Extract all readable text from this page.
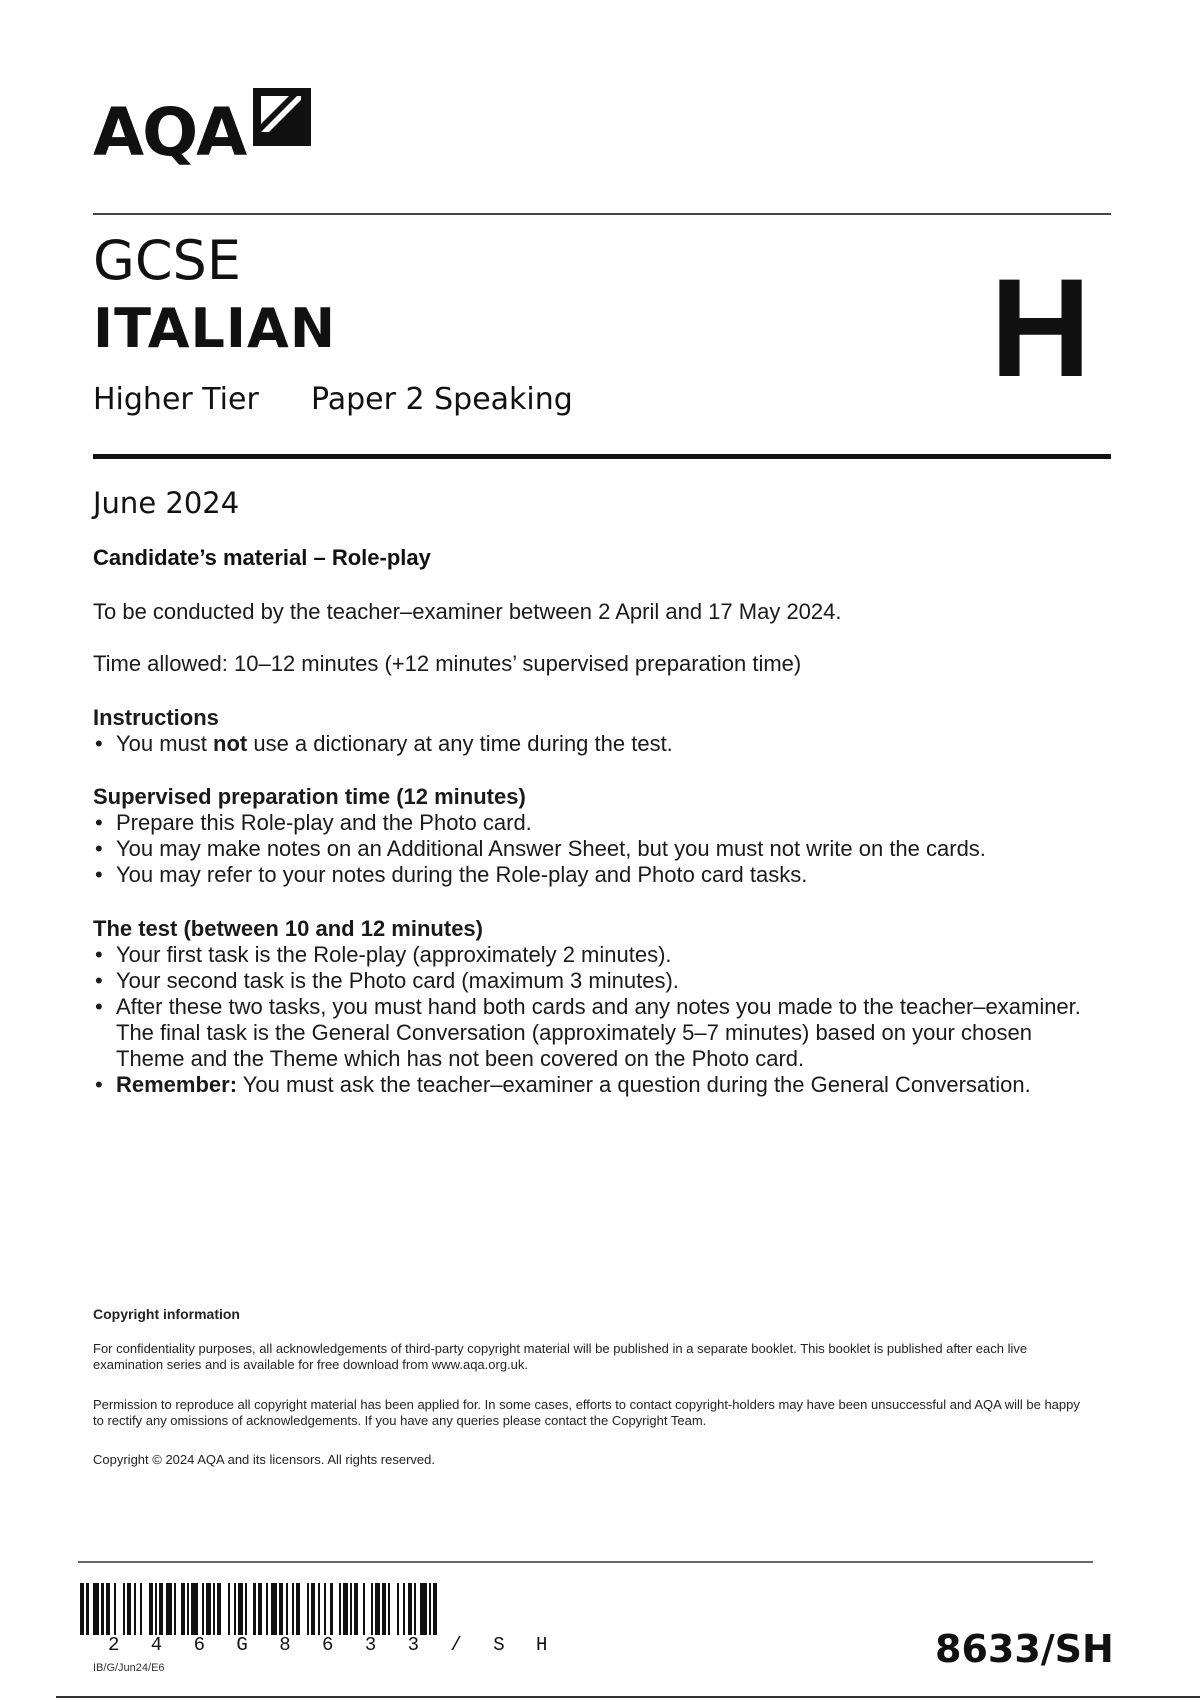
AQA
GCSE
ITALIAN
Higher Tier Paper 2 Speaking	H
June 2024
Candidate’s material – Role-play
To be conducted by the teacher–examiner between 2 April and 17 May 2024.
Time allowed: 10–12 minutes (+12 minutes’ supervised preparation time)
Instructions
• You must not use a dictionary at any time during the test.
Supervised preparation time (12 minutes)
• Prepare this Role-play and the Photo card.
• You may make notes on an Additional Answer Sheet, but you must not write on the cards.
• You may refer to your notes during the Role-play and Photo card tasks.
The test (between 10 and 12 minutes)
• Your first task is the Role-play (approximately 2 minutes).
• Your second task is the Photo card (maximum 3 minutes).
• After these two tasks, you must hand both cards and any notes you made to the teacher–examiner. The final task is the General Conversation (approximately 5–7 minutes) based on your chosen Theme and the Theme which has not been covered on the Photo card.
• Remember: You must ask the teacher–examiner a question during the General Conversation.
Copyright information
For confidentiality purposes, all acknowledgements of third-party copyright material will be published in a separate booklet. This booklet is published after each live examination series and is available for free download from www.aqa.org.uk.
Permission to reproduce all copyright material has been applied for. In some cases, efforts to contact copyright-holders may have been unsuccessful and AQA will be happy to rectify any omissions of acknowledgements. If you have any queries please contact the Copyright Team.
Copyright © 2024 AQA and its licensors. All rights reserved.
2 4 6 G 8 6 3 3 / S H
IB/G/Jun24/E6	8633/SH
